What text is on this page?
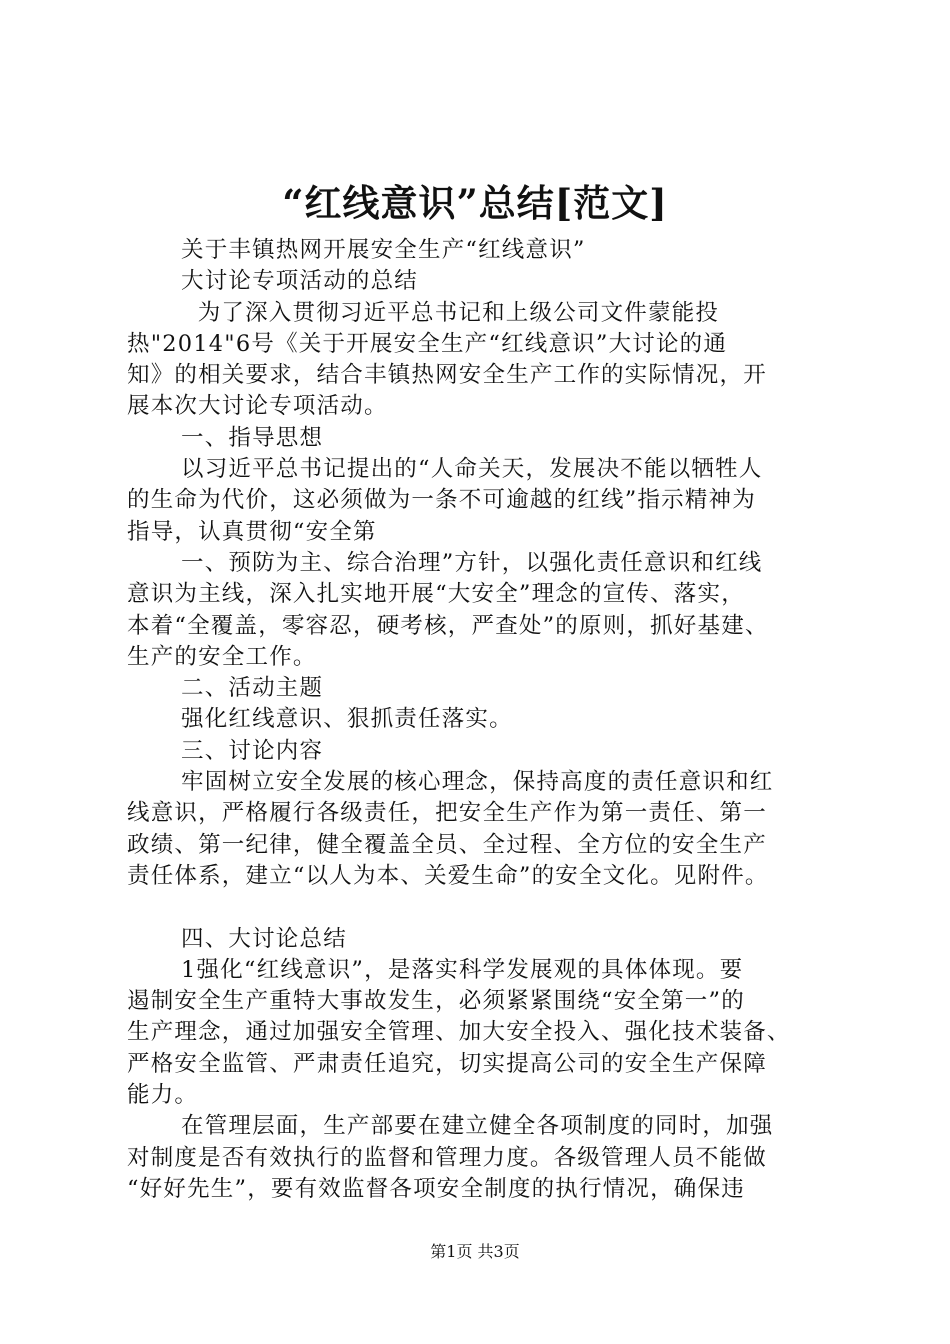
“红线意识”总结[范文]
关于丰镇热网开展安全生产“红线意识”
大讨论专项活动的总结
为了深入贯彻习近平总书记和上级公司文件蒙能投
热"2014"6号《关于开展安全生产“红线意识”大讨论的通
知》的相关要求，结合丰镇热网安全生产工作的实际情况，开
展本次大讨论专项活动。
一、指导思想
以习近平总书记提出的“人命关天，发展决不能以牺牲人
的生命为代价，这必须做为一条不可逾越的红线”指示精神为
指导，认真贯彻“安全第
一、预防为主、综合治理”方针，以强化责任意识和红线
意识为主线，深入扎实地开展“大安全”理念的宣传、落实，
本着“全覆盖，零容忍，硬考核，严查处”的原则，抓好基建、
生产的安全工作。
二、活动主题
强化红线意识、狠抓责任落实。
三、讨论内容
牢固树立安全发展的核心理念，保持高度的责任意识和红
线意识，严格履行各级责任，把安全生产作为第一责任、第一
政绩、第一纪律，健全覆盖全员、全过程、全方位的安全生产
责任体系，建立“以人为本、关爱生命”的安全文化。见附件。
四、大讨论总结
1强化“红线意识”，是落实科学发展观的具体体现。要
遏制安全生产重特大事故发生，必须紧紧围绕“安全第一”的
生产理念，通过加强安全管理、加大安全投入、强化技术装备、
严格安全监管、严肃责任追究，切实提高公司的安全生产保障
能力。
在管理层面，生产部要在建立健全各项制度的同时，加强
对制度是否有效执行的监督和管理力度。各级管理人员不能做
“好好先生”，要有效监督各项安全制度的执行情况，确保违
第1页 共3页
